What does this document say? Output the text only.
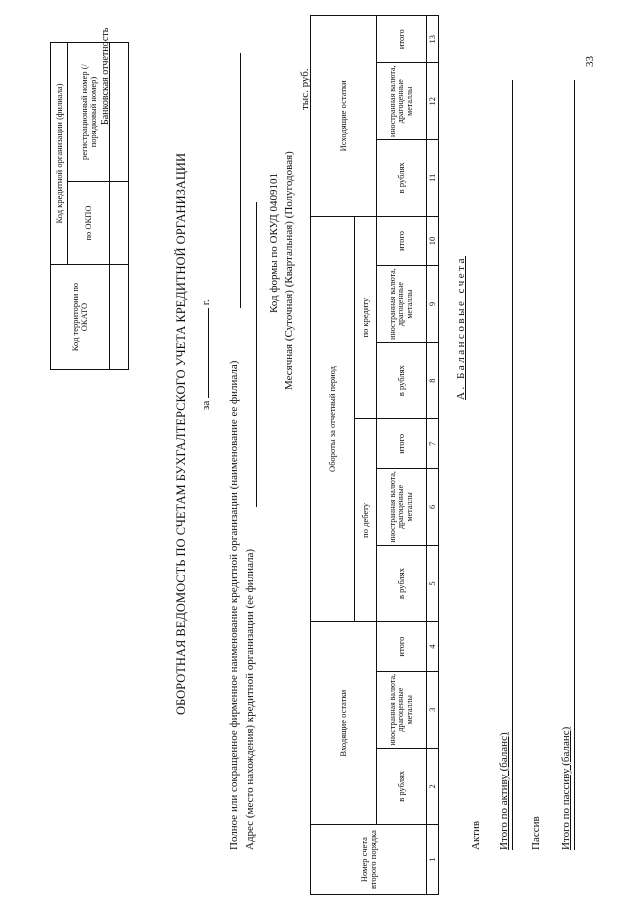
Банковская отчетность
Код территории по ОКАТО	Код кредитной организации (филиала)	
	по ОКПО	регистрационный номер (/порядковый номер)

ОБОРОТНАЯ ВЕДОМОСТЬ ПО СЧЕТАМ БУХГАЛТЕРСКОГО УЧЕТА КРЕДИТНОЙ ОРГАНИЗАЦИИ за  г.
Полное или сокращенное фирменное наименование кредитной организации (наименование ее филиала) Адрес (место нахождения) кредитной организации (ее филиала)
Код формы по ОКУД 0409101 Месячная (Суточная) (Квартальная) (Полугодовая)
тыс. руб.
Номер счета второго порядка	Входящие остатки			Обороты за отчетный период						Исходящие остатки		
				по дебету			по кредиту					
	в рублях	иностранная валюта, драгоценные металлы	итого	в рублях	иностранная валюта, драгоценные металлы	итого	в рублях	иностранная валюта, драгоценные металлы	итого	в рублях	иностранная валюта, драгоценные металлы	итого
1	2	3	4	5	6	7	8	9	10	11	12	13
А. Балансовые счета
Актив Итого по активу (баланс) Пассив Итого по пассиву (баланс)
33
